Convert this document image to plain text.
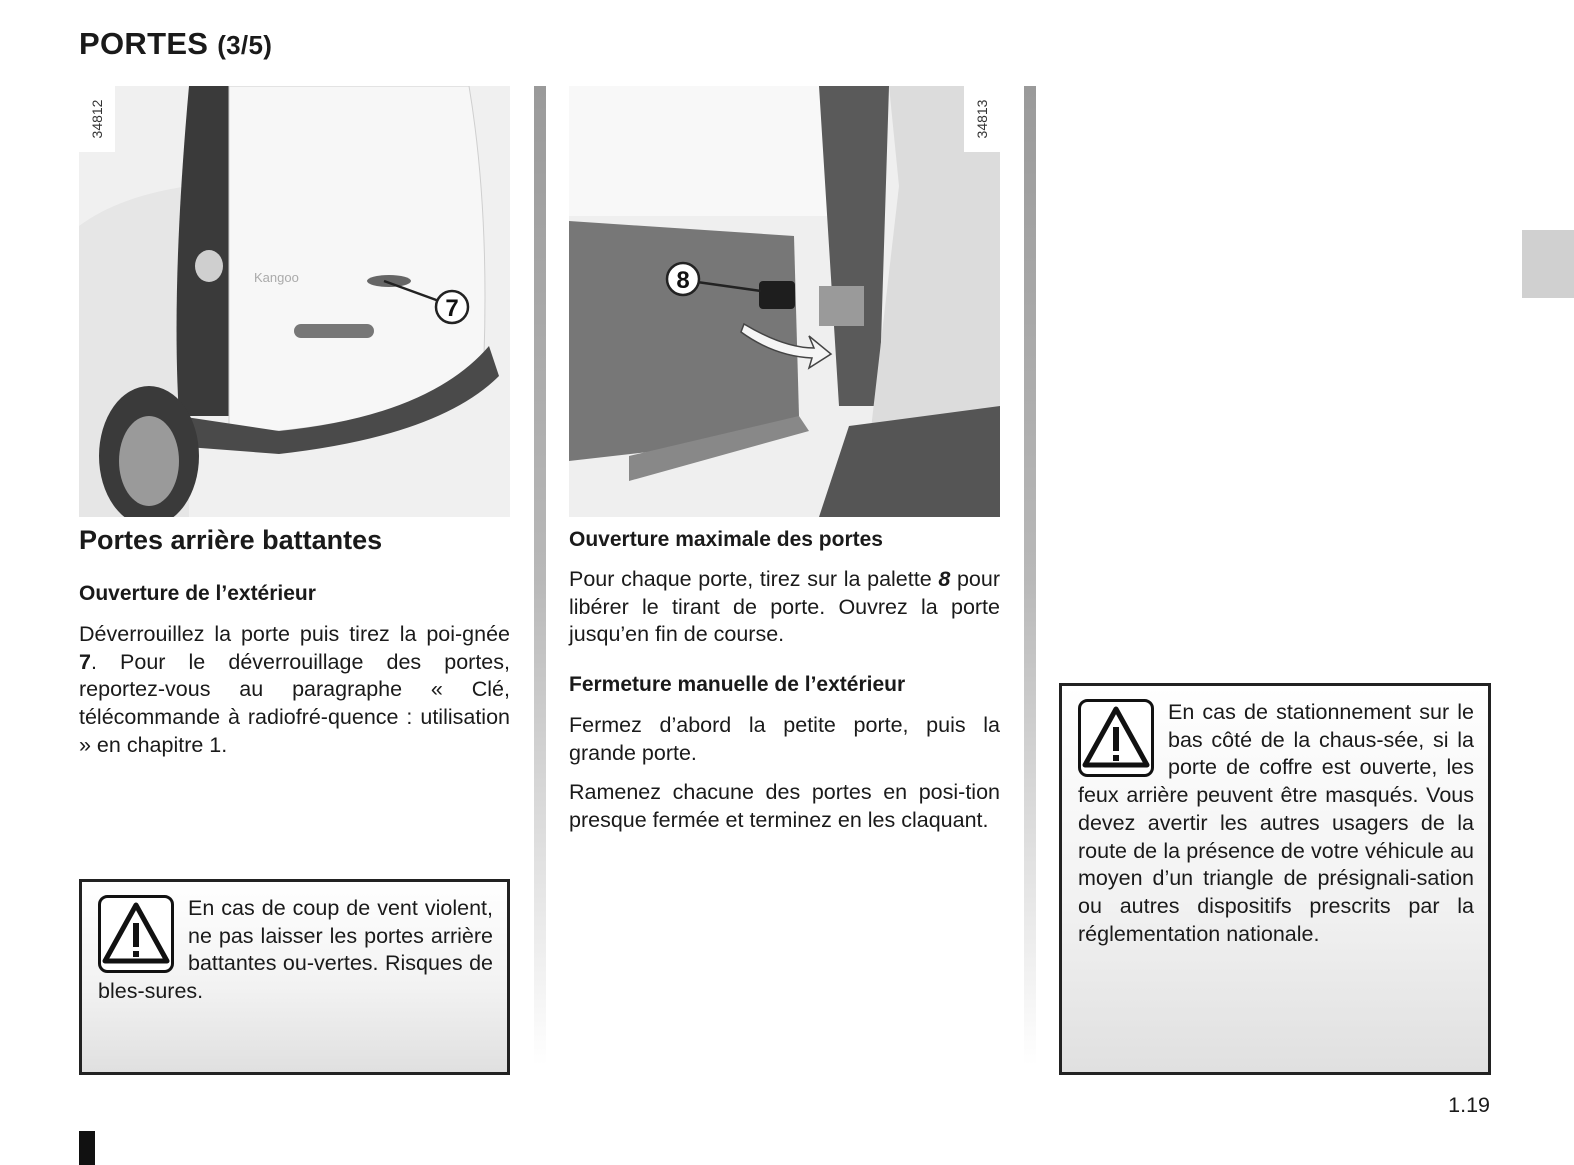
PORTES (3/5)
Kangoo
7
34812
8
34813
Portes arrière battantes
Ouverture de l’extérieur
Déverrouillez la porte puis tirez la poi-gnée 7. Pour le déverrouillage des portes, reportez-vous au paragraphe « Clé, télécommande à radiofré-quence : utilisation » en chapitre 1.
En cas de coup de vent violent, ne pas laisser les portes arrière battantes ou-vertes. Risques de bles-sures.
Ouverture maximale des portes
Pour chaque porte, tirez sur la palette 8 pour libérer le tirant de porte. Ouvrez la porte jusqu’en fin de course.
Fermeture manuelle de l’extérieur
Fermez d’abord la petite porte, puis la grande porte.
Ramenez chacune des portes en posi-tion presque fermée et terminez en les claquant.
En cas de stationnement sur le bas côté de la chaus-sée, si la porte de coffre est ouverte, les feux arrière peuvent être masqués. Vous devez avertir les autres usagers de la route de la présence de votre véhicule au moyen d’un triangle de présignali-sation ou autres dispositifs prescrits par la réglementation nationale.
1.19
